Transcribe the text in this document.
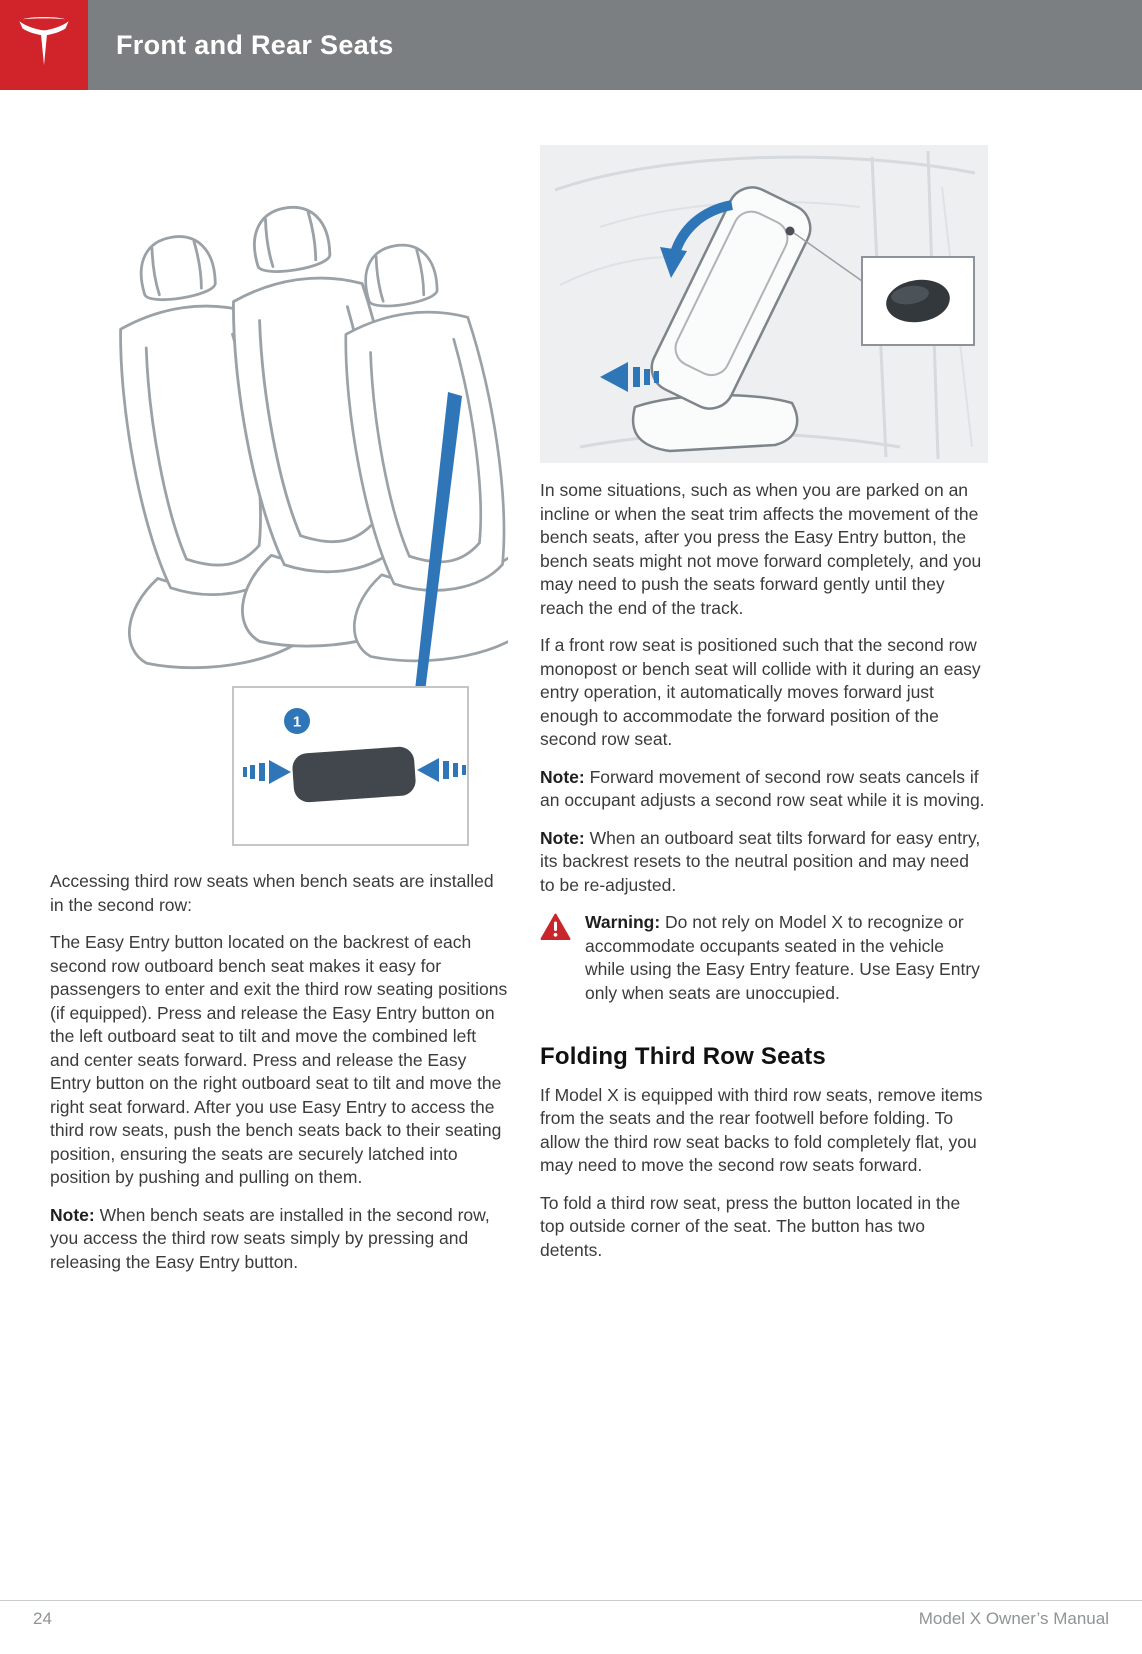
Front and Rear Seats
1

Accessing third row seats when bench seats are installed in the second row:

The Easy Entry button located on the backrest of each second row outboard bench seat makes it easy for passengers to enter and exit the third row seating positions (if equipped). Press and release the Easy Entry button on the left outboard seat to tilt and move the combined left and center seats forward. Press and release the Easy Entry button on the right outboard seat to tilt and move the right seat forward. After you use Easy Entry to access the third row seats, push the bench seats back to their seating position, ensuring the seats are securely latched into position by pushing and pulling on them.

Note: When bench seats are installed in the second row, you access the third row seats simply by pressing and releasing the Easy Entry button.

In some situations, such as when you are parked on an incline or when the seat trim affects the movement of the bench seats, after you press the Easy Entry button, the bench seats might not move forward completely, and you may need to push the seats forward gently until they reach the end of the track.

If a front row seat is positioned such that the second row monopost or bench seat will collide with it during an easy entry operation, it automatically moves forward just enough to accommodate the forward position of the second row seat.

Note: Forward movement of second row seats cancels if an occupant adjusts a second row seat while it is moving.

Note: When an outboard seat tilts forward for easy entry, its backrest resets to the neutral position and may need to be re-adjusted.

Warning: Do not rely on Model X to recognize or accommodate occupants seated in the vehicle while using the Easy Entry feature. Use Easy Entry only when seats are unoccupied.

Folding Third Row Seats

If Model X is equipped with third row seats, remove items from the seats and the rear footwell before folding. To allow the third row seat backs to fold completely flat, you may need to move the second row seats forward.

To fold a third row seat, press the button located in the top outside corner of the seat. The button has two detents.

24	Model X Owner’s Manual
